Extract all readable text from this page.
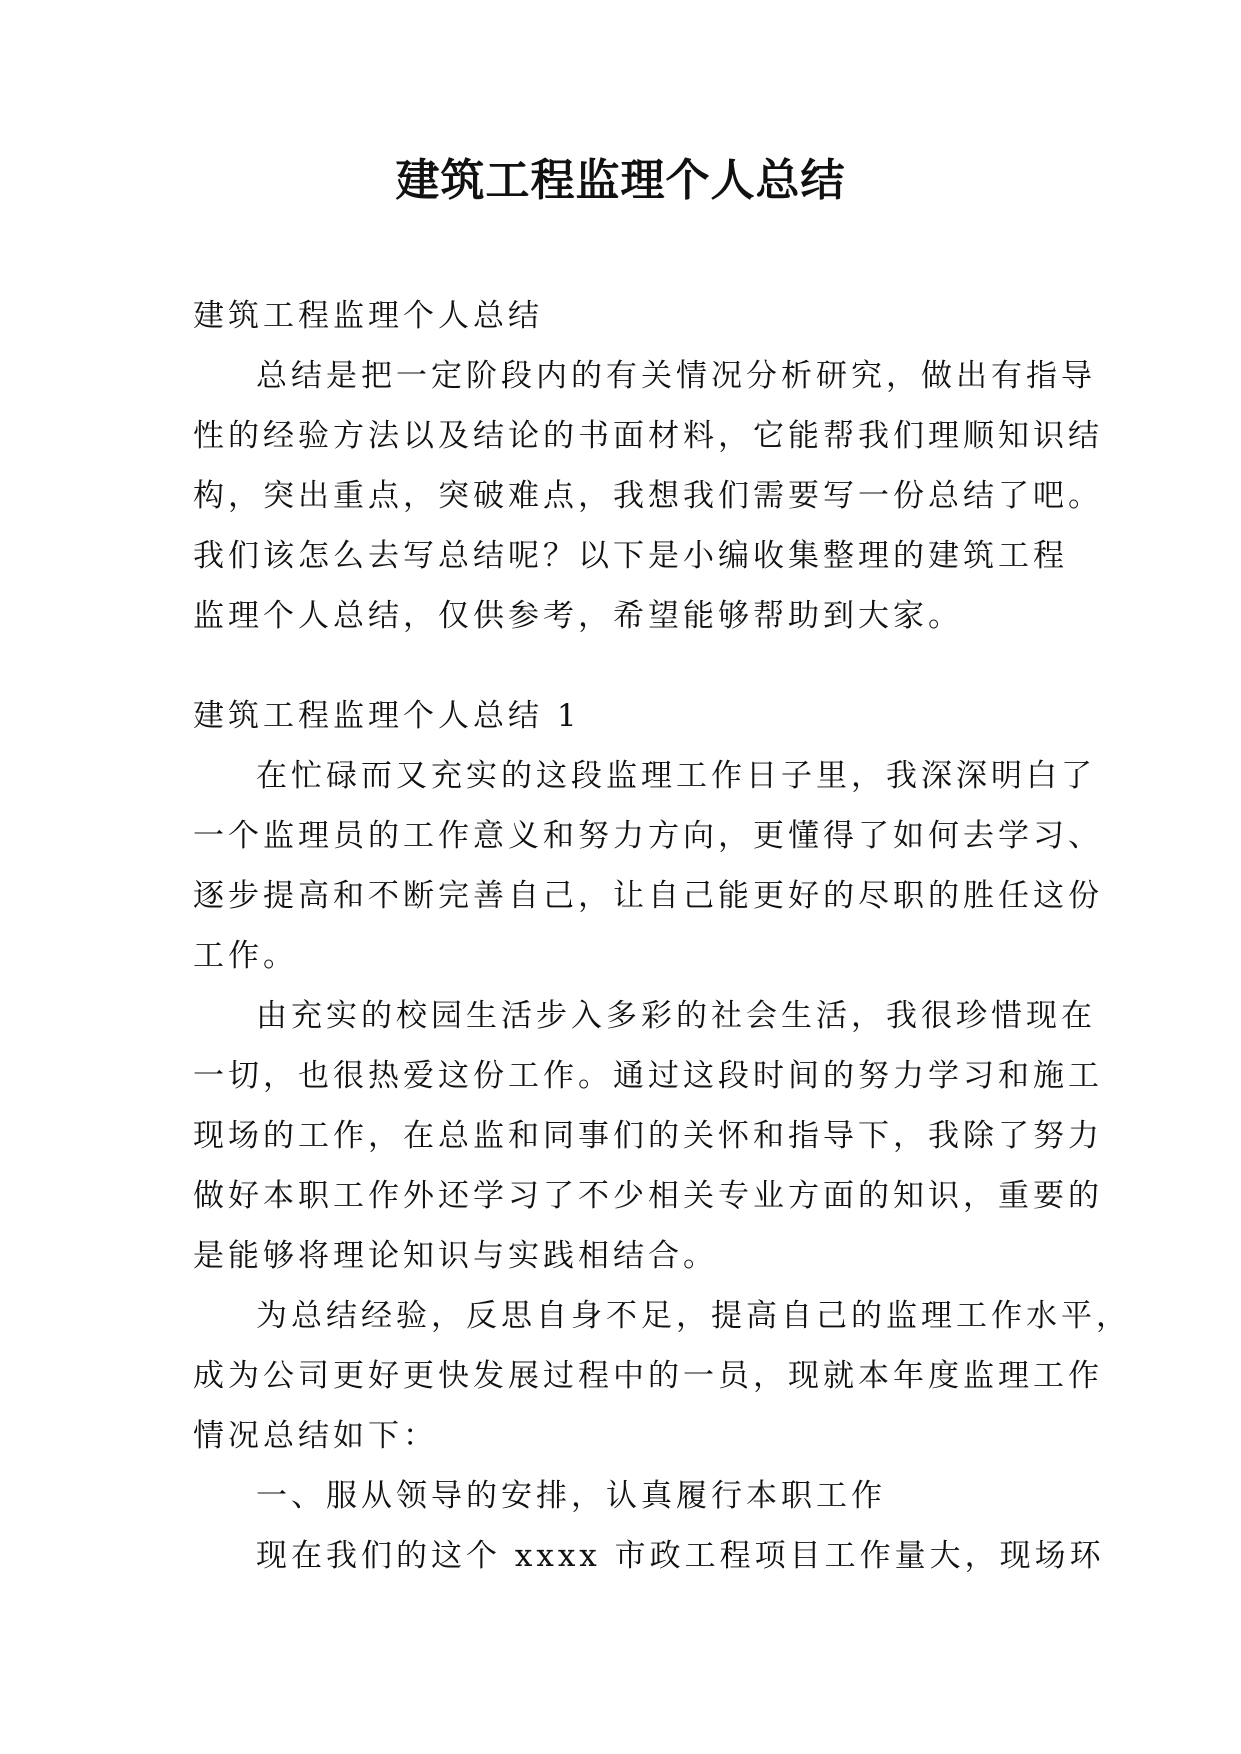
建筑工程监理个人总结
建筑工程监理个人总结
总结是把一定阶段内的有关情况分析研究，做出有指导
性的经验方法以及结论的书面材料，它能帮我们理顺知识结
构，突出重点，突破难点，我想我们需要写一份总结了吧。
我们该怎么去写总结呢？以下是小编收集整理的建筑工程
监理个人总结，仅供参考，希望能够帮助到大家。
建筑工程监理个人总结 1
在忙碌而又充实的这段监理工作日子里，我深深明白了
一个监理员的工作意义和努力方向，更懂得了如何去学习、
逐步提高和不断完善自己，让自己能更好的尽职的胜任这份
工作。
由充实的校园生活步入多彩的社会生活，我很珍惜现在
一切，也很热爱这份工作。通过这段时间的努力学习和施工
现场的工作，在总监和同事们的关怀和指导下，我除了努力
做好本职工作外还学习了不少相关专业方面的知识，重要的
是能够将理论知识与实践相结合。
为总结经验，反思自身不足，提高自己的监理工作水平，
成为公司更好更快发展过程中的一员，现就本年度监理工作
情况总结如下：
一、服从领导的安排，认真履行本职工作
现在我们的这个 xxxx 市政工程项目工作量大，现场环
